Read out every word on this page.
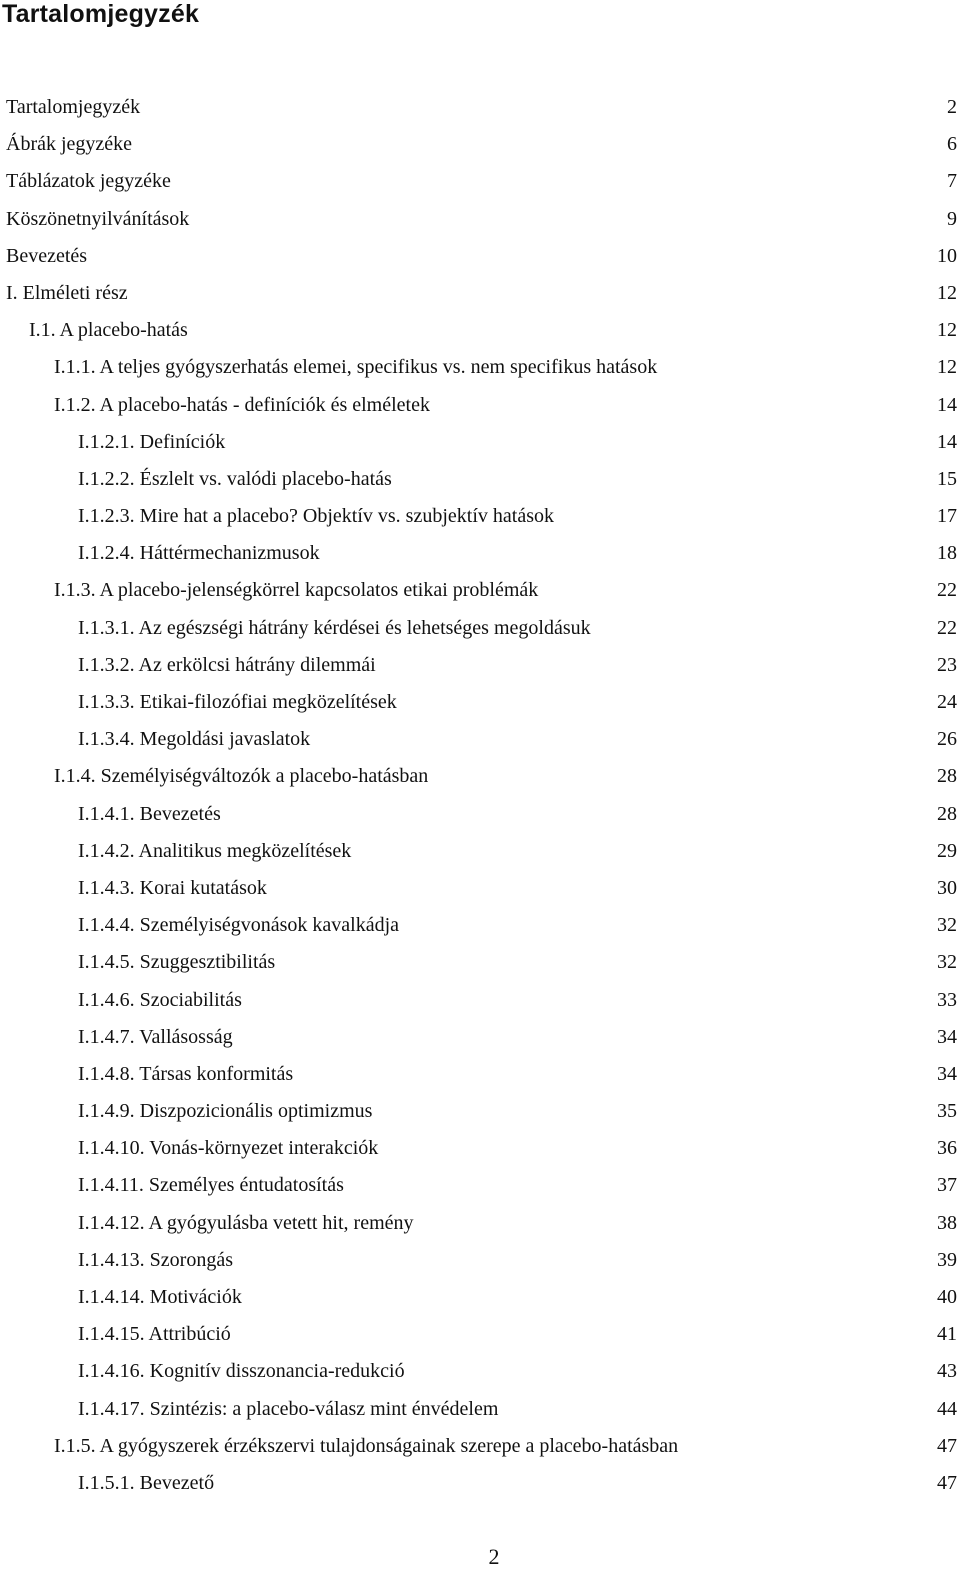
Tartalomjegyzék
Tartalomjegyzék	2
Ábrák jegyzéke	6
Táblázatok jegyzéke	7
Köszönetnyilvánítások	9
Bevezetés	10
I. Elméleti rész	12
I.1. A placebo-hatás	12
I.1.1. A teljes gyógyszerhatás elemei, specifikus vs. nem specifikus hatások	12
I.1.2. A placebo-hatás - definíciók és elméletek	14
I.1.2.1. Definíciók	14
I.1.2.2. Észlelt vs. valódi placebo-hatás	15
I.1.2.3. Mire hat a placebo? Objektív vs. szubjektív hatások	17
I.1.2.4. Háttérmechanizmusok	18
I.1.3. A placebo-jelenségkörrel kapcsolatos etikai problémák	22
I.1.3.1. Az egészségi hátrány kérdései és lehetséges megoldásuk	22
I.1.3.2. Az erkölcsi hátrány dilemmái	23
I.1.3.3. Etikai-filozófiai megközelítések	24
I.1.3.4. Megoldási javaslatok	26
I.1.4. Személyiségváltozók a placebo-hatásban	28
I.1.4.1. Bevezetés	28
I.1.4.2. Analitikus megközelítések	29
I.1.4.3. Korai kutatások	30
I.1.4.4. Személyiségvonások kavalkádja	32
I.1.4.5. Szuggesztibilitás	32
I.1.4.6. Szociabilitás	33
I.1.4.7. Vallásosság	34
I.1.4.8. Társas konformitás	34
I.1.4.9. Diszpozicionális optimizmus	35
I.1.4.10. Vonás-környezet interakciók	36
I.1.4.11. Személyes éntudatosítás	37
I.1.4.12. A gyógyulásba vetett hit, remény	38
I.1.4.13. Szorongás	39
I.1.4.14. Motivációk	40
I.1.4.15. Attribúció	41
I.1.4.16. Kognitív disszonancia-redukció	43
I.1.4.17. Szintézis: a placebo-válasz mint énvédelem	44
I.1.5. A gyógyszerek érzékszervi tulajdonságainak szerepe a placebo-hatásban	47
I.1.5.1. Bevezető	47
2
